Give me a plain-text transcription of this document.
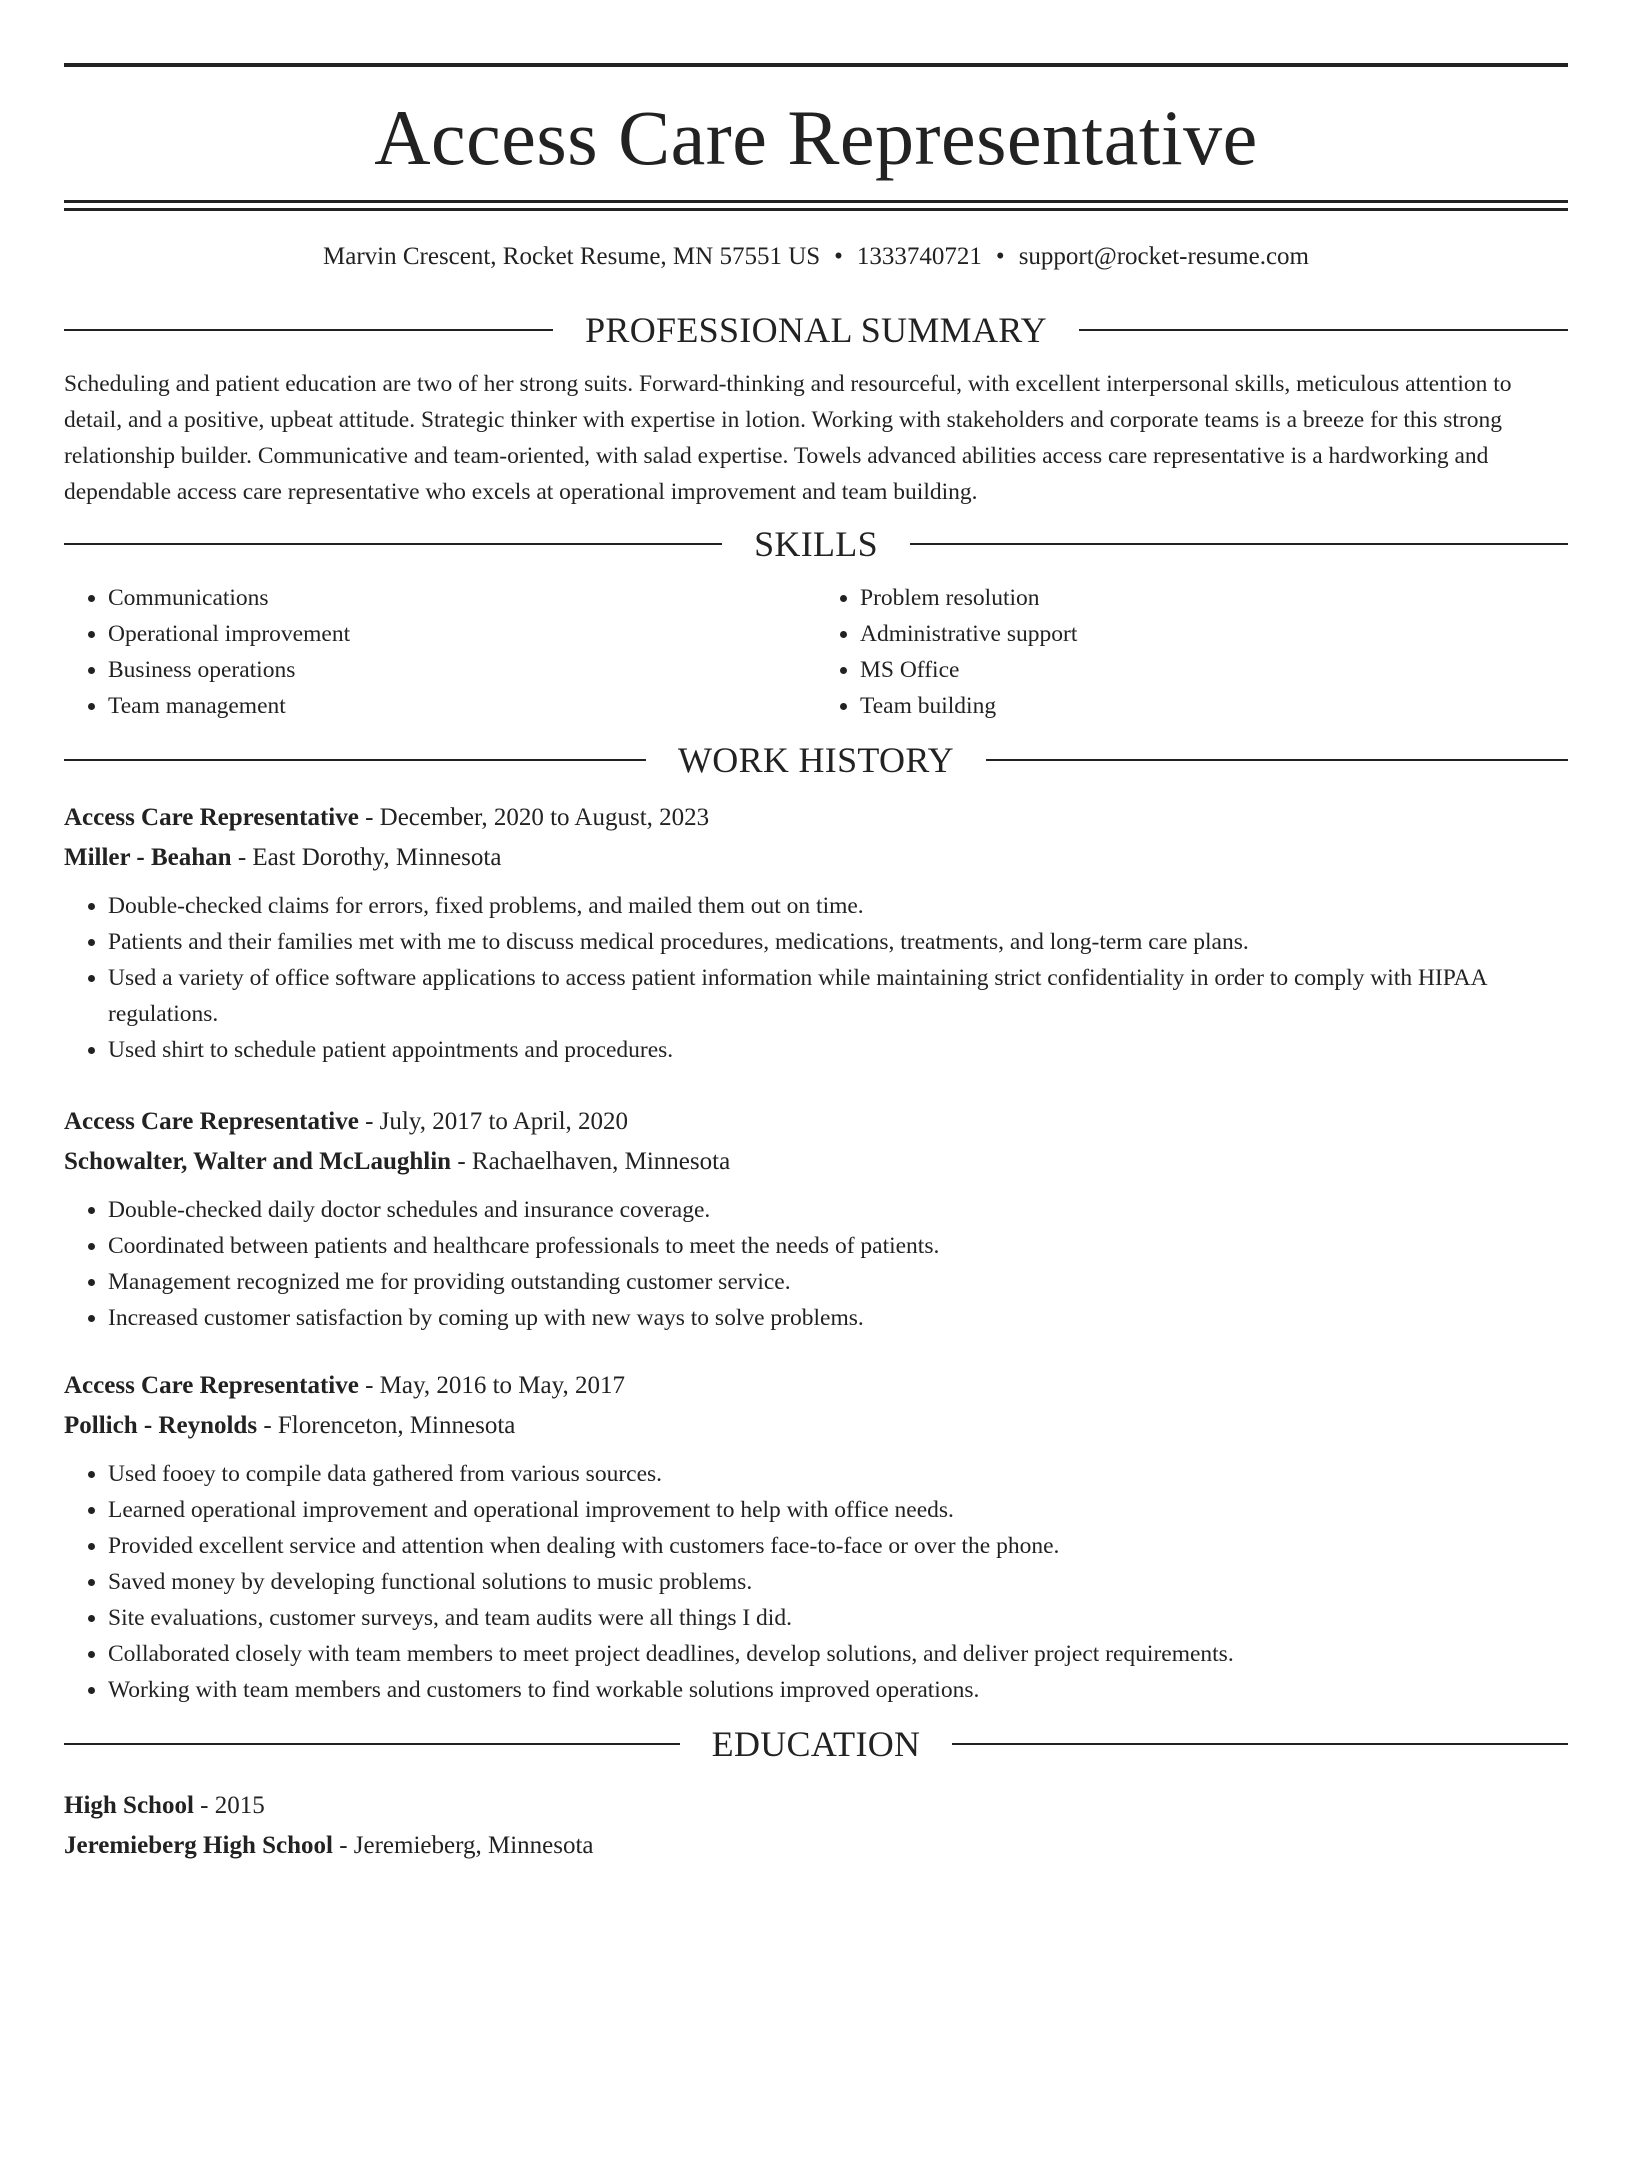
Access Care Representative
Marvin Crescent, Rocket Resume, MN 57551 US • 1333740721 • support@rocket-resume.com
PROFESSIONAL SUMMARY

Scheduling and patient education are two of her strong suits. Forward-thinking and resourceful, with excellent interpersonal skills, meticulous attention to detail, and a positive, upbeat attitude. Strategic thinker with expertise in lotion. Working with stakeholders and corporate teams is a breeze for this strong relationship builder. Communicative and team-oriented, with salad expertise. Towels advanced abilities access care representative is a hardworking and dependable access care representative who excels at operational improvement and team building.

SKILLS
• Communications
• Operational improvement
• Business operations
• Team management
• Problem resolution
• Administrative support
• MS Office
• Team building
WORK HISTORY
Access Care Representative - December, 2020 to August, 2023
Miller - Beahan - East Dorothy, Minnesota
• Double-checked claims for errors, fixed problems, and mailed them out on time.
• Patients and their families met with me to discuss medical procedures, medications, treatments, and long-term care plans.
• Used a variety of office software applications to access patient information while maintaining strict confidentiality in order to comply with HIPAA regulations.
• Used shirt to schedule patient appointments and procedures.
Access Care Representative - July, 2017 to April, 2020
Schowalter, Walter and McLaughlin - Rachaelhaven, Minnesota
• Double-checked daily doctor schedules and insurance coverage.
• Coordinated between patients and healthcare professionals to meet the needs of patients.
• Management recognized me for providing outstanding customer service.
• Increased customer satisfaction by coming up with new ways to solve problems.
Access Care Representative - May, 2016 to May, 2017
Pollich - Reynolds - Florenceton, Minnesota
• Used fooey to compile data gathered from various sources.
• Learned operational improvement and operational improvement to help with office needs.
• Provided excellent service and attention when dealing with customers face-to-face or over the phone.
• Saved money by developing functional solutions to music problems.
• Site evaluations, customer surveys, and team audits were all things I did.
• Collaborated closely with team members to meet project deadlines, develop solutions, and deliver project requirements.
• Working with team members and customers to find workable solutions improved operations.
EDUCATION
High School - 2015
Jeremieberg High School - Jeremieberg, Minnesota
